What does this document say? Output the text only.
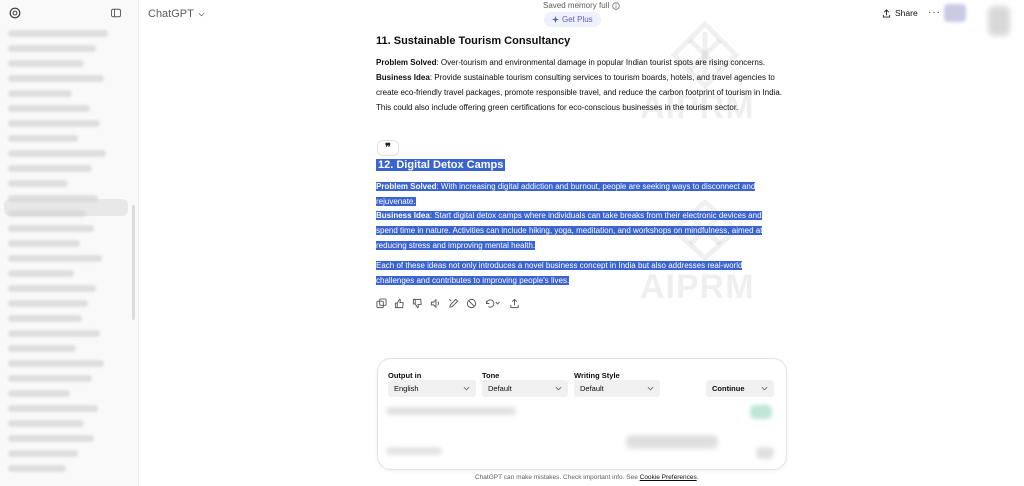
ChatGPT
Saved memory full
Get Plus
Share ···
AIPRM
AIPRM
11. Sustainable Tourism Consultancy

Problem Solved: Over-tourism and environmental damage in popular Indian tourist spots are rising concerns.

Business Idea: Provide sustainable tourism consulting services to tourism boards, hotels, and travel agencies to create eco-friendly travel packages, promote responsible travel, and reduce the carbon footprint of tourism in India. This could also include offering green certifications for eco-conscious businesses in the tourism sector.

❞
12. Digital Detox Camps
Problem Solved: With increasing digital addiction and burnout, people are seeking ways to disconnect and rejuvenate.
Business Idea: Start digital detox camps where individuals can take breaks from their electronic devices and spend time in nature. Activities can include hiking, yoga, meditation, and workshops on mindfulness, aimed at reducing stress and improving mental health.
Each of these ideas not only introduces a novel business concept in India but also addresses real-world challenges and contributes to improving people's lives.
Output in
English
Tone
Default
Writing Style
Default	Continue
ChatGPT can make mistakes. Check important info. See Cookie Preferences.
